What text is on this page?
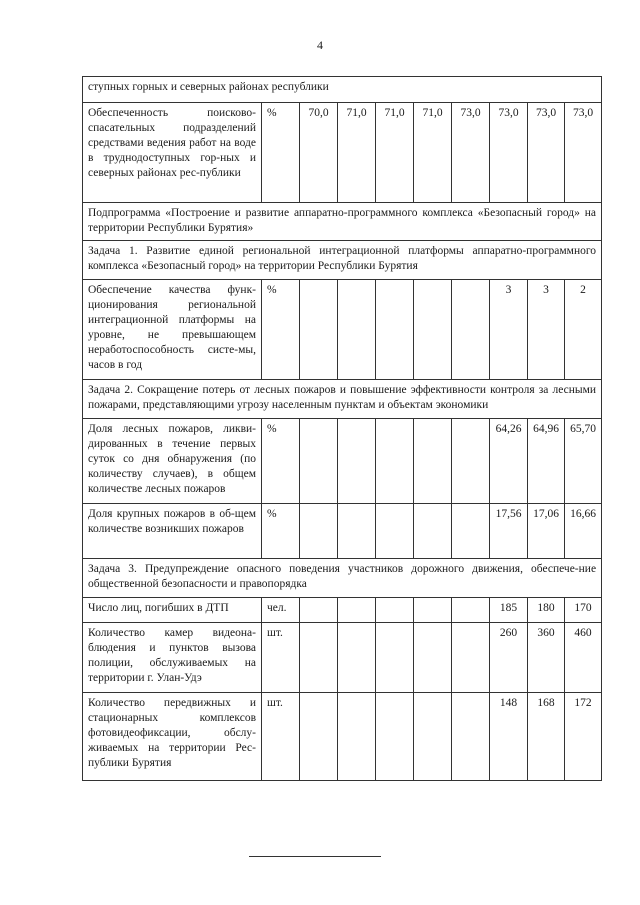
4
ступных горных и северных районах республики									
Обеспеченность поисково-спасательных подразделений средствами ведения работ на воде в труднодоступных гор-ных и северных районах рес-публики	%	70,0	71,0	71,0	71,0	73,0	73,0	73,0	73,0
Подпрограмма «Построение и развитие аппаратно-программного комплекса «Безопасный город» на территории Республики Бурятия»									
Задача 1. Развитие единой региональной интеграционной платформы аппаратно-программного комплекса «Безопасный город» на территории Республики Бурятия									
Обеспечение качества функ-ционирования региональной интеграционной платформы на уровне, не превышающем неработоспособность систе-мы, часов в год	%						3	3	2
Задача 2. Сокращение потерь от лесных пожаров и повышение эффективности контроля за лесными пожарами, представляющими угрозу населенным пунктам и объектам экономики									
Доля лесных пожаров, ликви-дированных в течение первых суток со дня обнаружения (по количеству случаев), в общем количестве лесных пожаров	%						64,26	64,96	65,70
Доля крупных пожаров в об-щем количестве возникших пожаров	%						17,56	17,06	16,66
Задача 3. Предупреждение опасного поведения участников дорожного движения, обеспече-ние общественной безопасности и правопорядка									
Число лиц, погибших в ДТП	чел.						185	180	170
Количество камер видеона-блюдения и пунктов вызова полиции, обслуживаемых на территории г. Улан-Удэ	шт.						260	360	460
Количество передвижных и стационарных комплексов фотовидеофиксации, обслу-живаемых на территории Рес-публики Бурятия	шт.						148	168	172
